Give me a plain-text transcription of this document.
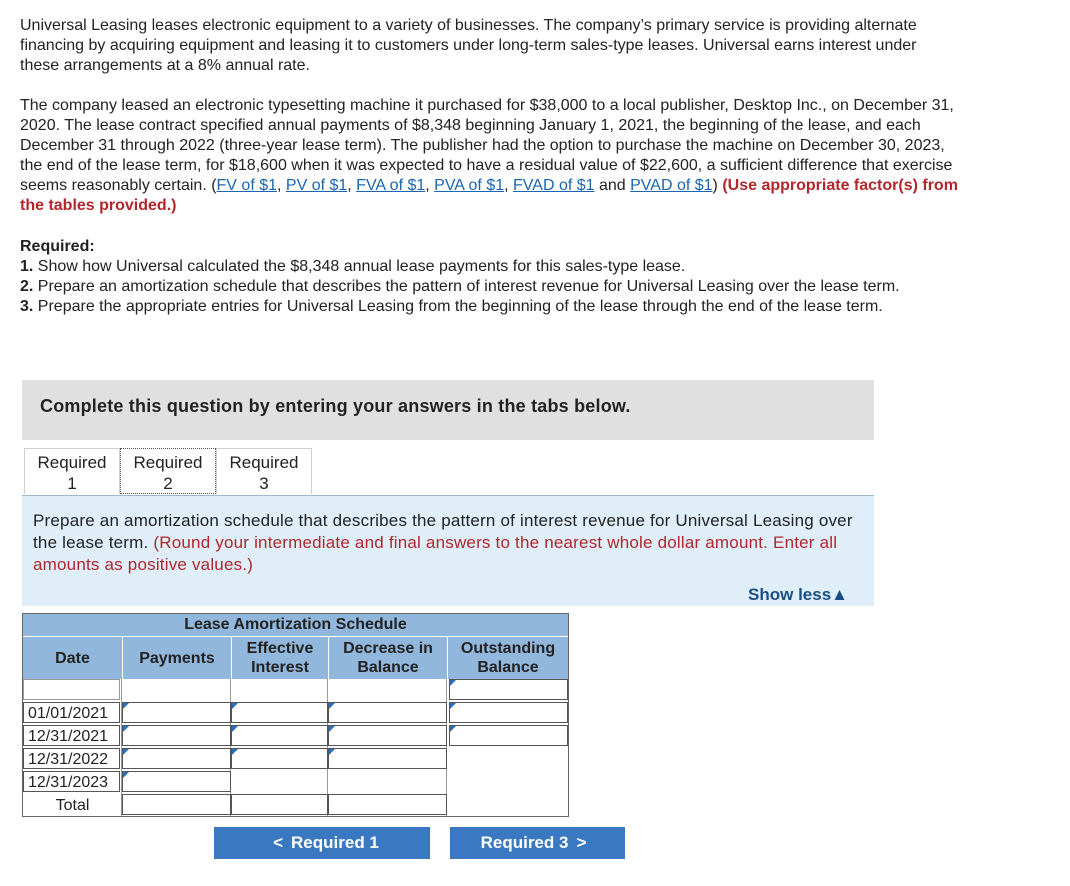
Universal Leasing leases electronic equipment to a variety of businesses. The company’s primary service is providing alternate financing by acquiring equipment and leasing it to customers under long-term sales-type leases. Universal earns interest under these arrangements at a 8% annual rate.

The company leased an electronic typesetting machine it purchased for $38,000 to a local publisher, Desktop Inc., on December 31, 2020. The lease contract specified annual payments of $8,348 beginning January 1, 2021, the beginning of the lease, and each December 31 through 2022 (three-year lease term). The publisher had the option to purchase the machine on December 30, 2023, the end of the lease term, for $18,600 when it was expected to have a residual value of $22,600, a sufficient difference that exercise seems reasonably certain. (FV of $1, PV of $1, FVA of $1, PVA of $1, FVAD of $1 and PVAD of $1) (Use appropriate factor(s) from the tables provided.)

Required:
1. Show how Universal calculated the $8,348 annual lease payments for this sales-type lease.
2. Prepare an amortization schedule that describes the pattern of interest revenue for Universal Leasing over the lease term.
3. Prepare the appropriate entries for Universal Leasing from the beginning of the lease through the end of the lease term.
Complete this question by entering your answers in the tabs below.
Required
1
Required
2
Required
3
Prepare an amortization schedule that describes the pattern of interest revenue for Universal Leasing over the lease term. (Round your intermediate and final answers to the nearest whole dollar amount. Enter all amounts as positive values.)
Show less▲
Lease Amortization Schedule
Date	Payments
Effective
Interest
Decrease in
Balance
Outstanding
Balance
01/01/2021
12/31/2021
12/31/2022
12/31/2023
Total
< Required 1	Required 3 >
